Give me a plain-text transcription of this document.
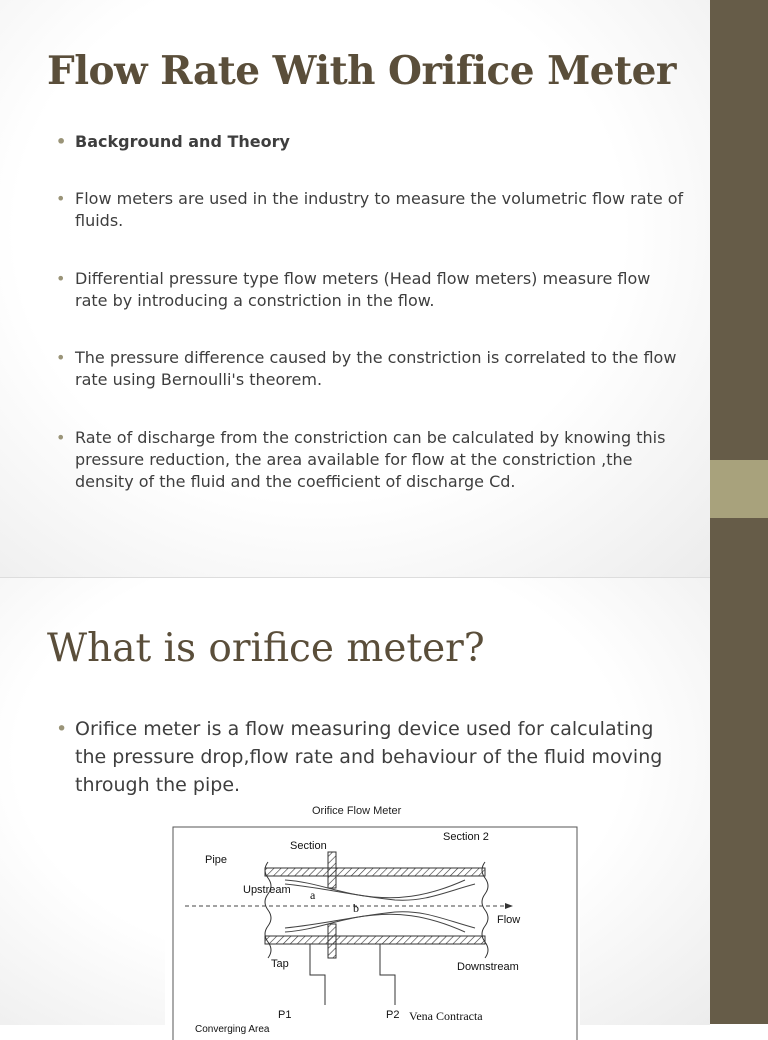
Flow Rate With Orifice Meter
• Background and Theory
• Flow meters are used in the industry to measure the volumetric flow rate of fluids.
• Differential pressure type flow meters (Head flow meters) measure flow rate by introducing a constriction in the flow.
• The pressure difference caused by the constriction is correlated to the flow rate using Bernoulli's theorem.
• Rate of discharge from the constriction can be calculated by knowing this pressure reduction, the area available for flow at the constriction ,the density of the fluid and the coefficient of discharge Cd.
What is orifice meter?
• Orifice meter is a flow measuring device used for calculating the pressure drop,flow rate and behaviour of the fluid moving through the pipe.
Orifice Flow Meter
Pipe
Section
Section 2
Upstream a
b
Flow
Tap	Downstream
P1	P2 Vena Contracta
Converging Area
